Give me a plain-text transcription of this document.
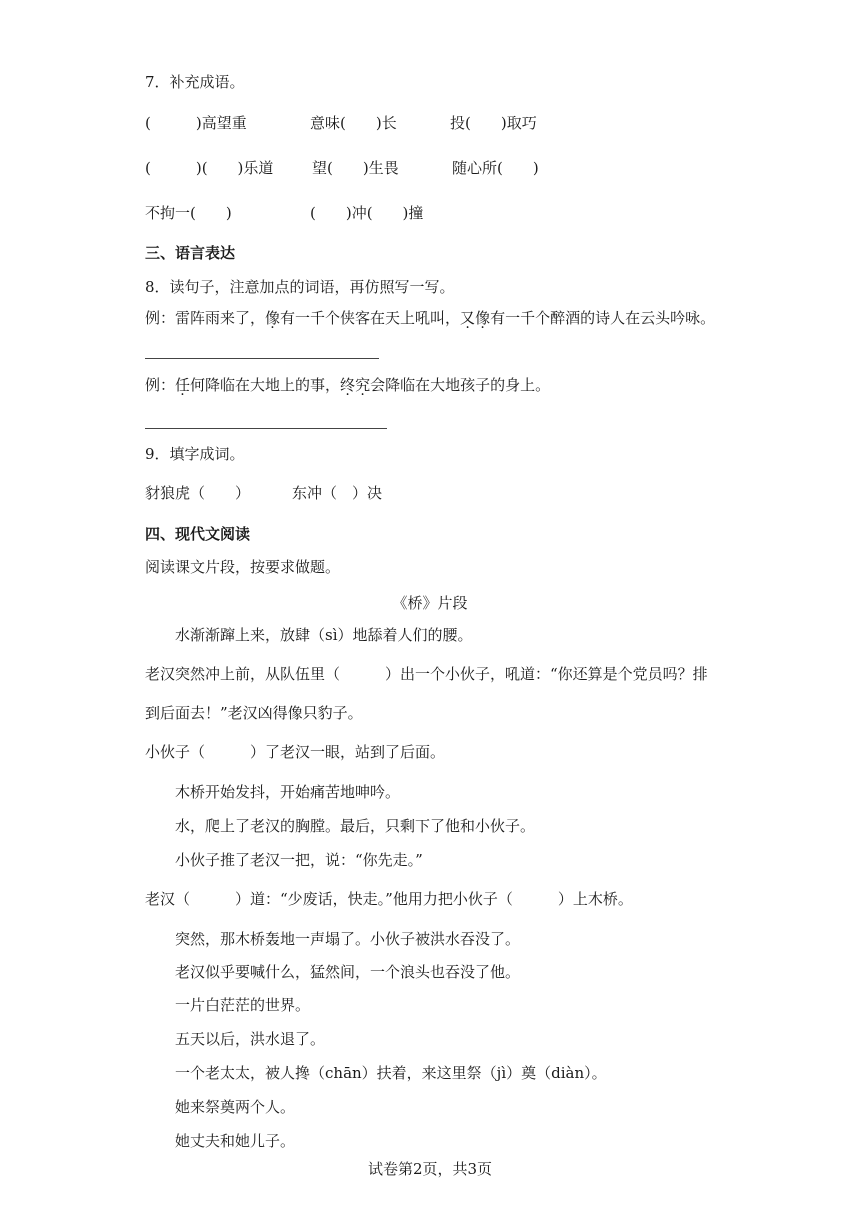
7．补充成语。
(　　　)高望重	意味(　　)长	投(　　)取巧
(　　　)(　　)乐道	望(　　)生畏	随心所(　　)
不拘一(　　)	(　　)冲(　　)撞
三、语言表达
8．读句子，注意加点的词语，再仿照写一写。
例：雷阵雨来了，像有一千个侠客在天上吼叫，又像有一千个醉酒的诗人在云头吟咏。
例：任何降临在大地上的事，终究会降临在大地孩子的身上。
9．填字成词。
豺狼虎（　　）	东冲（　）决
四、现代文阅读
阅读课文片段，按要求做题。
《桥》片段
水渐渐蹿上来，放肆（sì）地舔着人们的腰。
老汉突然冲上前，从队伍里（　　　）出一个小伙子，吼道：“你还算是个党员吗？排
到后面去！”老汉凶得像只豹子。
小伙子（　　　）了老汉一眼，站到了后面。
木桥开始发抖，开始痛苦地呻吟。
水，爬上了老汉的胸膛。最后，只剩下了他和小伙子。
小伙子推了老汉一把，说：“你先走。”
老汉（　　　）道：“少废话，快走。”他用力把小伙子（　　　）上木桥。
突然，那木桥轰地一声塌了。小伙子被洪水吞没了。
老汉似乎要喊什么，猛然间，一个浪头也吞没了他。
一片白茫茫的世界。
五天以后，洪水退了。
一个老太太，被人搀（chān）扶着，来这里祭（jì）奠（diàn）。
她来祭奠两个人。
她丈夫和她儿子。
试卷第2页，共3页
